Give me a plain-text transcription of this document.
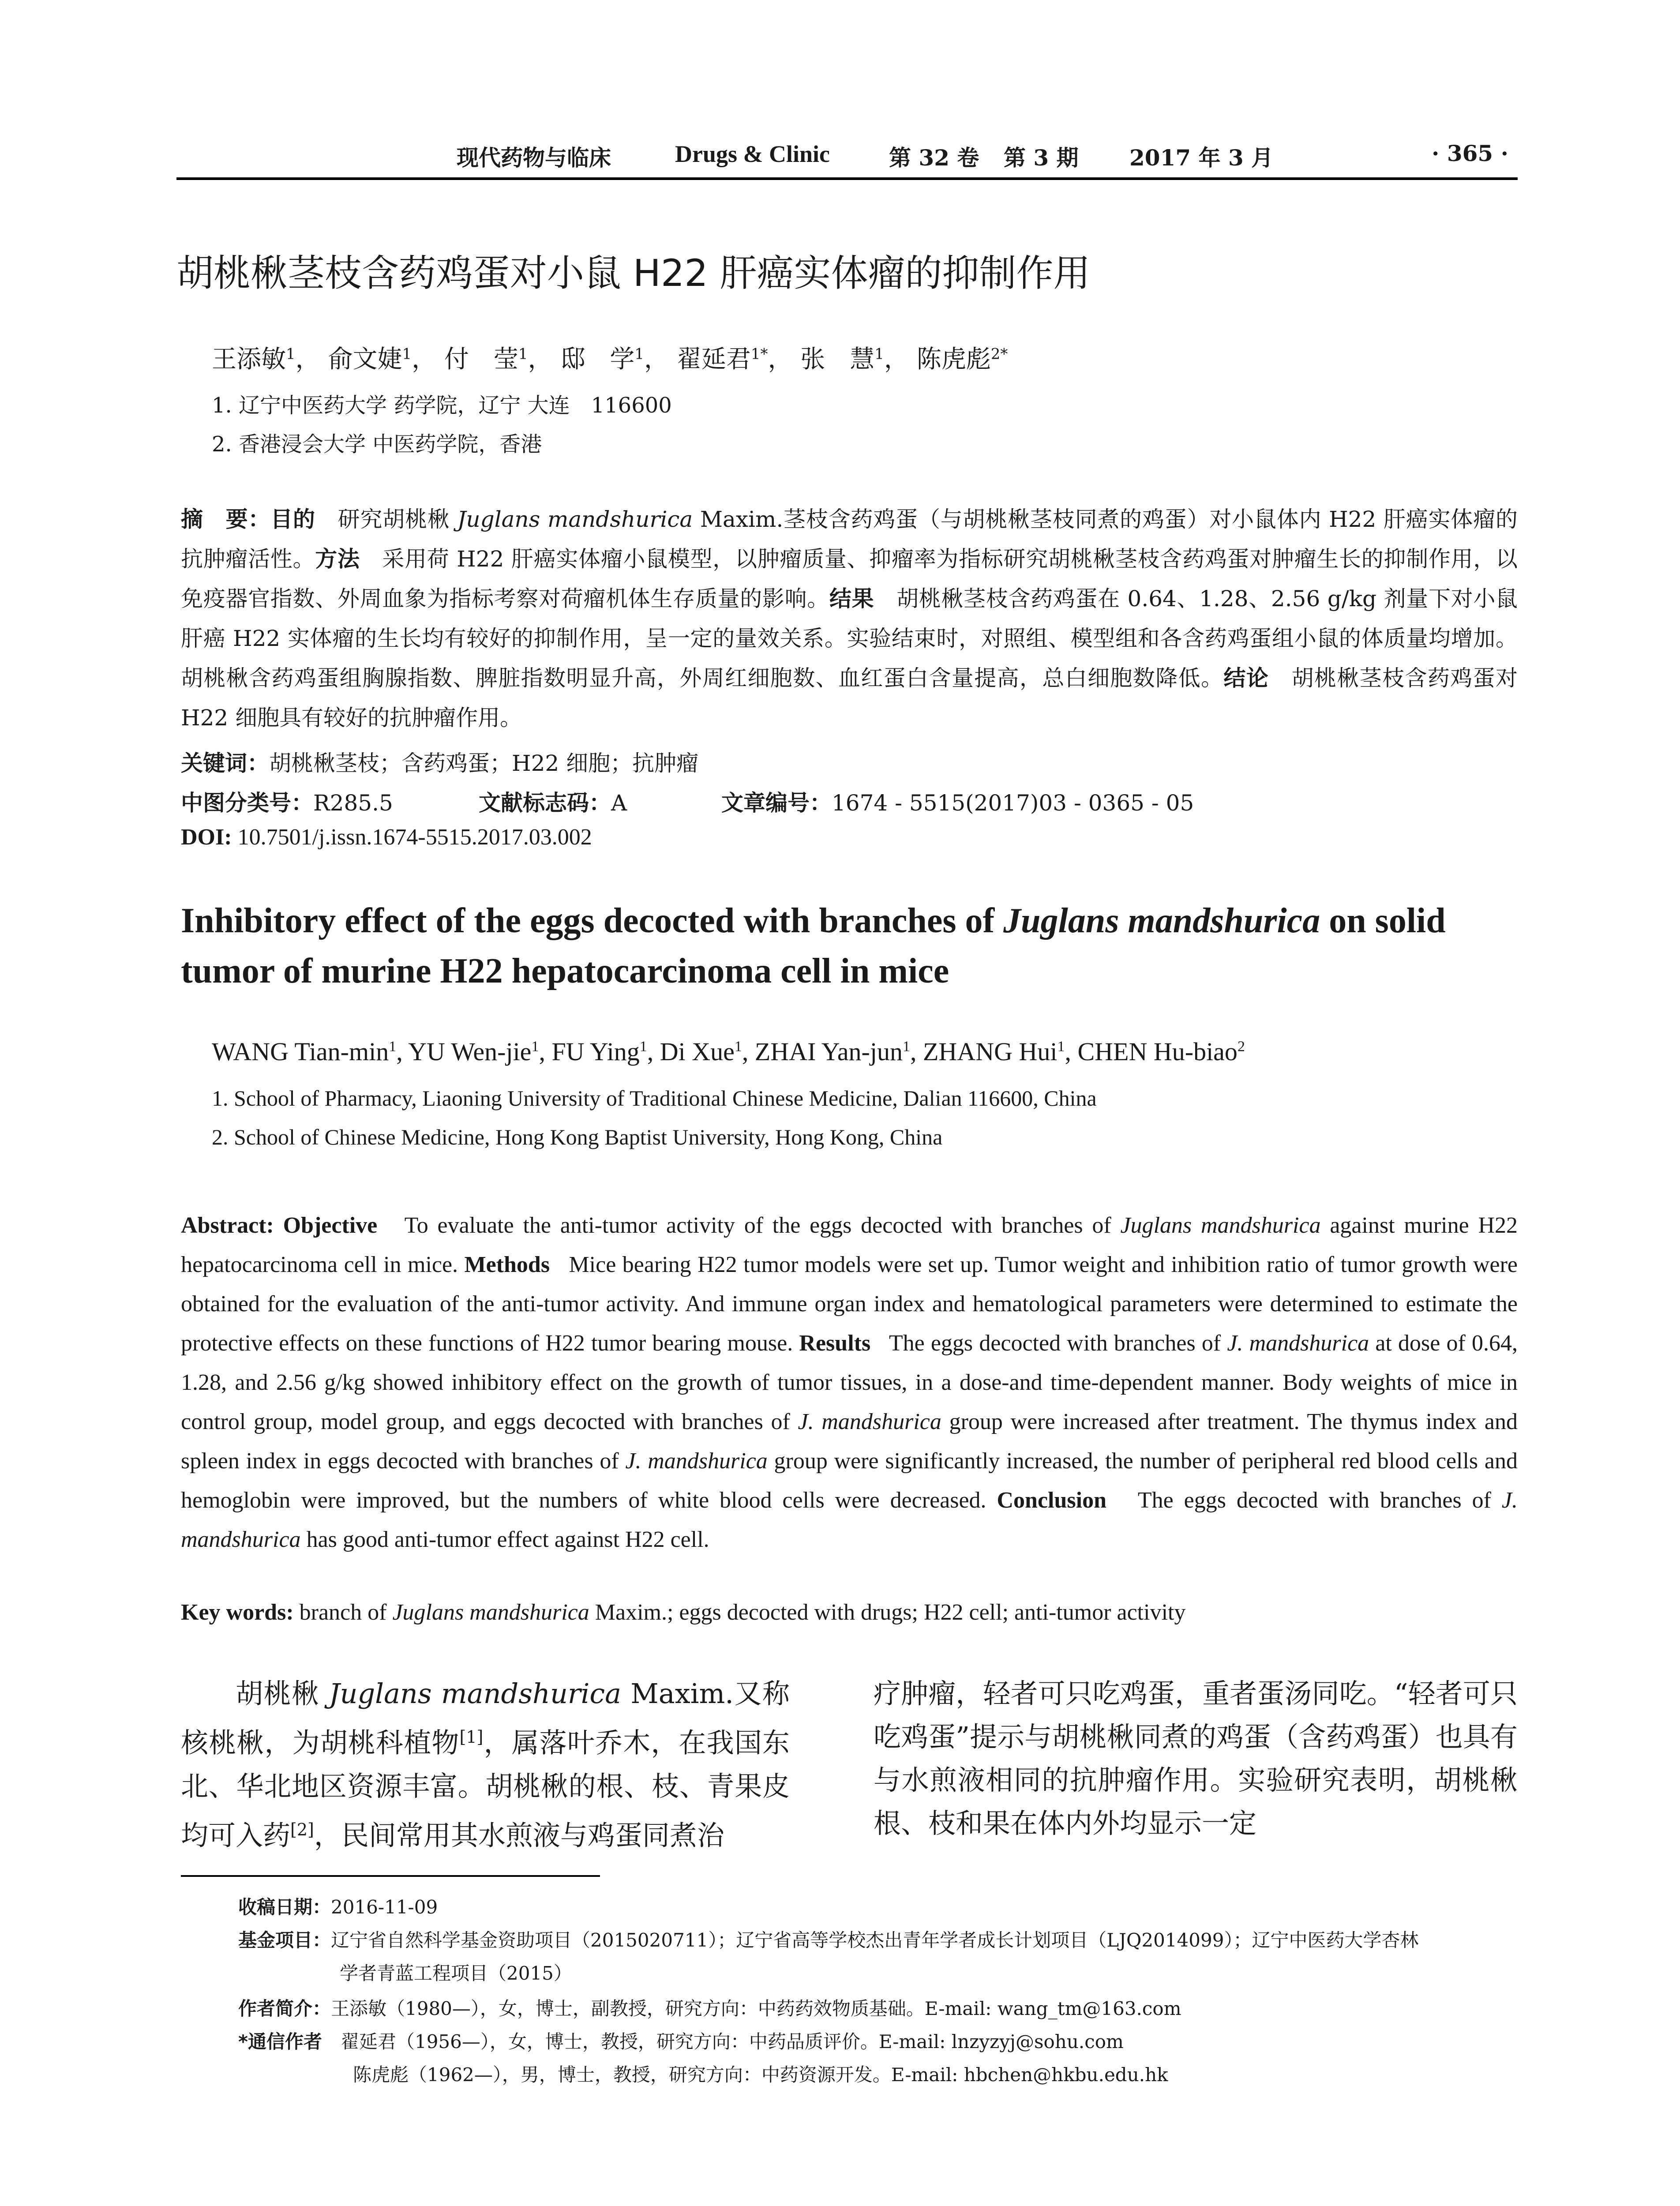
现代药物与临床	Drugs & Clinic	第 32 卷 第 3 期 2017 年 3 月	· 365 ·
胡桃楸茎枝含药鸡蛋对小鼠 H22 肝癌实体瘤的抑制作用
王添敏$^1$， 俞文婕$^1$， 付　莹$^1$， 邸　学$^1$， 翟延君$^{1*}$， 张　慧$^1$， 陈虎彪$^{2*}$
1. 辽宁中医药大学 药学院，辽宁 大连　116600
2. 香港浸会大学 中医药学院，香港
摘　要：目的　 研究胡桃楸 Juglans mandshurica Maxim.茎枝含药鸡蛋（与胡桃楸茎枝同煮的鸡蛋）对小鼠体内 H22 肝癌实体瘤的抗肿瘤活性。方法　 采用荷 H22 肝癌实体瘤小鼠模型，以肿瘤质量、抑瘤率为指标研究胡桃楸茎枝含药鸡蛋对肿瘤生长的抑制作用，以免疫器官指数、外周血象为指标考察对荷瘤机体生存质量的影响。结果　 胡桃楸茎枝含药鸡蛋在 0.64、1.28、2.56 g/kg 剂量下对小鼠肝癌 H22 实体瘤的生长均有较好的抑制作用，呈一定的量效关系。实验结束时，对照组、模型组和各含药鸡蛋组小鼠的体质量均增加。胡桃楸含药鸡蛋组胸腺指数、脾脏指数明显升高，外周红细胞数、血红蛋白含量提高，总白细胞数降低。结论　 胡桃楸茎枝含药鸡蛋对 H22 细胞具有较好的抗肿瘤作用。
关键词：胡桃楸茎枝；含药鸡蛋；H22 细胞；抗肿瘤
中图分类号：R285.5	文献标志码：A	文章编号：1674 - 5515(2017)03 - 0365 - 05
DOI: 10.7501/j.issn.1674-5515.2017.03.002
Inhibitory effect of the eggs decocted with branches of Juglans mandshurica on solid tumor of murine H22 hepatocarcinoma cell in mice
WANG Tian-$\min^1$, YU Wen-jie$^1$, FU Ying$^1$, Di Xue$^1$, ZHAI Yan-jun$^1$, ZHANG Hui$^1$, CHEN Hu-biao$^2$
1. School of Pharmacy, Liaoning University of Traditional Chinese Medicine, Dalian 116600, China
2. School of Chinese Medicine, Hong Kong Baptist University, Hong Kong, China
Abstract: Objective To evaluate the anti-tumor activity of the eggs decocted with branches of Juglans mandshurica against murine H22 hepatocarcinoma cell in mice. Methods Mice bearing H22 tumor models were set up. Tumor weight and inhibition ratio of tumor growth were obtained for the evaluation of the anti-tumor activity. And immune organ index and hematological parameters were determined to estimate the protective effects on these functions of H22 tumor bearing mouse. Results The eggs decocted with branches of J. mandshurica at dose of 0.64, 1.28, and 2.56 g/kg showed inhibitory effect on the growth of tumor tissues, in a dose-and time-dependent manner. Body weights of mice in control group, model group, and eggs decocted with branches of J. mandshurica group were increased after treatment. The thymus index and spleen index in eggs decocted with branches of J. mandshurica group were significantly increased, the number of peripheral red blood cells and hemoglobin were improved, but the numbers of white blood cells were decreased. Conclusion The eggs decocted with branches of J. mandshurica has good anti-tumor effect against H22 cell.
Key words: branch of Juglans mandshurica Maxim.; eggs decocted with drugs; H22 cell; anti-tumor activity
胡桃楸 Juglans mandshurica Maxim.又称核桃楸，为胡桃科植物[1]，属落叶乔木，在我国东北、华北地区资源丰富。胡桃楸的根、枝、青果皮均可入药[2]，民间常用其水煎液与鸡蛋同煮治
疗肿瘤，轻者可只吃鸡蛋，重者蛋汤同吃。“轻者可只吃鸡蛋”提示与胡桃楸同煮的鸡蛋（含药鸡蛋）也具有与水煎液相同的抗肿瘤作用。实验研究表明，胡桃楸根、枝和果在体内外均显示一定
收稿日期：2016-11-09
基金项目：辽宁省自然科学基金资助项目（2015020711）；辽宁省高等学校杰出青年学者成长计划项目（LJQ2014099）；辽宁中医药大学杏林
学者青蓝工程项目（2015）
作者简介：王添敏（1980—），女，博士，副教授，研究方向：中药药效物质基础。E-mail: wang_tm@163.com
*通信作者　 翟延君（1956—），女，博士，教授，研究方向：中药品质评价。E-mail: lnzyzyj@sohu.com
陈虎彪（1962—），男，博士，教授，研究方向：中药资源开发。E-mail: hbchen@hkbu.edu.hk
